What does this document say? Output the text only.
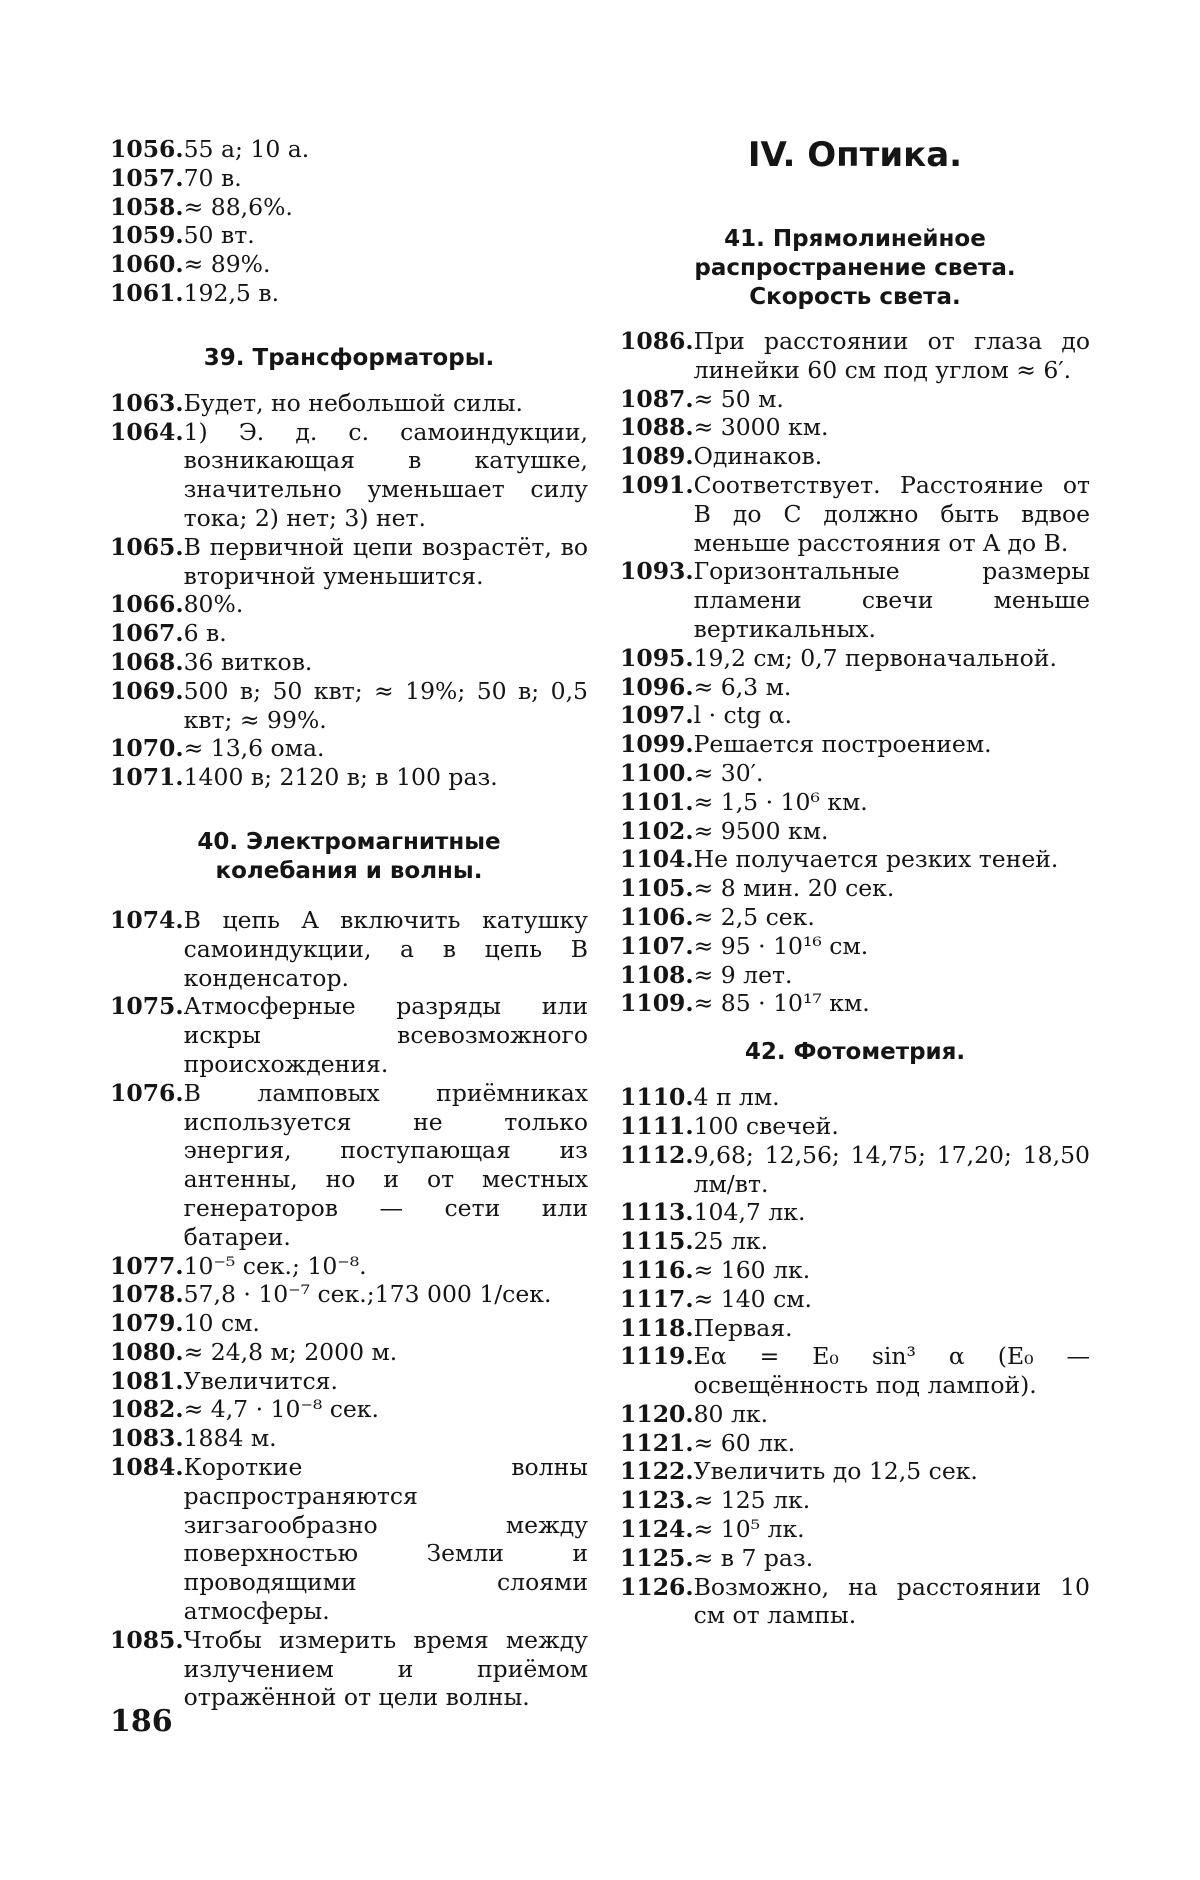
1056. 55 а; 10 а.
1057. 70 в.
1058. ≈ 88,6%.
1059. 50 вт.
1060. ≈ 89%.
1061. 192,5 в.
39. Трансформаторы.
1063. Будет, но небольшой силы.
1064. 1) Э. д. с. самоиндукции, возникающая в катушке, значительно уменьшает силу тока; 2) нет; 3) нет.
1065. В первичной цепи возрастёт, во вторичной уменьшится.
1066. 80%.
1067. 6 в.
1068. 36 витков.
1069. 500 в; 50 квт; ≈ 19%; 50 в; 0,5 квт; ≈ 99%.
1070. ≈ 13,6 ома.
1071. 1400 в; 2120 в; в 100 раз.
40. Электромагнитные
колебания и волны.
1074. В цепь A включить катушку самоиндукции, а в цепь B конденсатор.
1075. Атмосферные разряды или искры всевозможного происхождения.
1076. В ламповых приёмниках используется не только энергия, поступающая из антенны, но и от местных генераторов — сети или батареи.
1077. 10⁻⁵ сек.; 10⁻⁸.
1078. 57,8 · 10⁻⁷ сек.;173 000 1/сек.
1079. 10 см.
1080. ≈ 24,8 м; 2000 м.
1081. Увеличится.
1082. ≈ 4,7 · 10⁻⁸ сек.
1083. 1884 м.
1084. Короткие волны распространяются зигзагообразно между поверхностью Земли и проводящими слоями атмосферы.
1085. Чтобы измерить время между излучением и приёмом отражённой от цели волны.
IV. Оптика.
41. Прямолинейное
распространение света.
Скорость света.
1086. При расстоянии от глаза до линейки 60 см под углом ≈ 6′.
1087. ≈ 50 м.
1088. ≈ 3000 км.
1089. Одинаков.
1091. Соответствует. Расстояние от B до C должно быть вдвое меньше расстояния от A до B.
1093. Горизонтальные размеры пламени свечи меньше вертикальных.
1095. 19,2 см; 0,7 первоначальной.
1096. ≈ 6,3 м.
1097. l · ctg α.
1099. Решается построением.
1100. ≈ 30′.
1101. ≈ 1,5 · 10⁶ км.
1102. ≈ 9500 км.
1104. Не получается резких теней.
1105. ≈ 8 мин. 20 сек.
1106. ≈ 2,5 сек.
1107. ≈ 95 · 10¹⁶ см.
1108. ≈ 9 лет.
1109. ≈ 85 · 10¹⁷ км.
42. Фотометрия.
1110. 4 π лм.
1111. 100 свечей.
1112. 9,68; 12,56; 14,75; 17,20; 18,50 лм/вт.
1113. 104,7 лк.
1115. 25 лк.
1116. ≈ 160 лк.
1117. ≈ 140 см.
1118. Первая.
1119. Eα = E₀ sin³ α (E₀ — освещённость под лампой).
1120. 80 лк.
1121. ≈ 60 лк.
1122. Увеличить до 12,5 сек.
1123. ≈ 125 лк.
1124. ≈ 10⁵ лк.
1125. ≈ в 7 раз.
1126. Возможно, на расстоянии 10 см от лампы.
186
